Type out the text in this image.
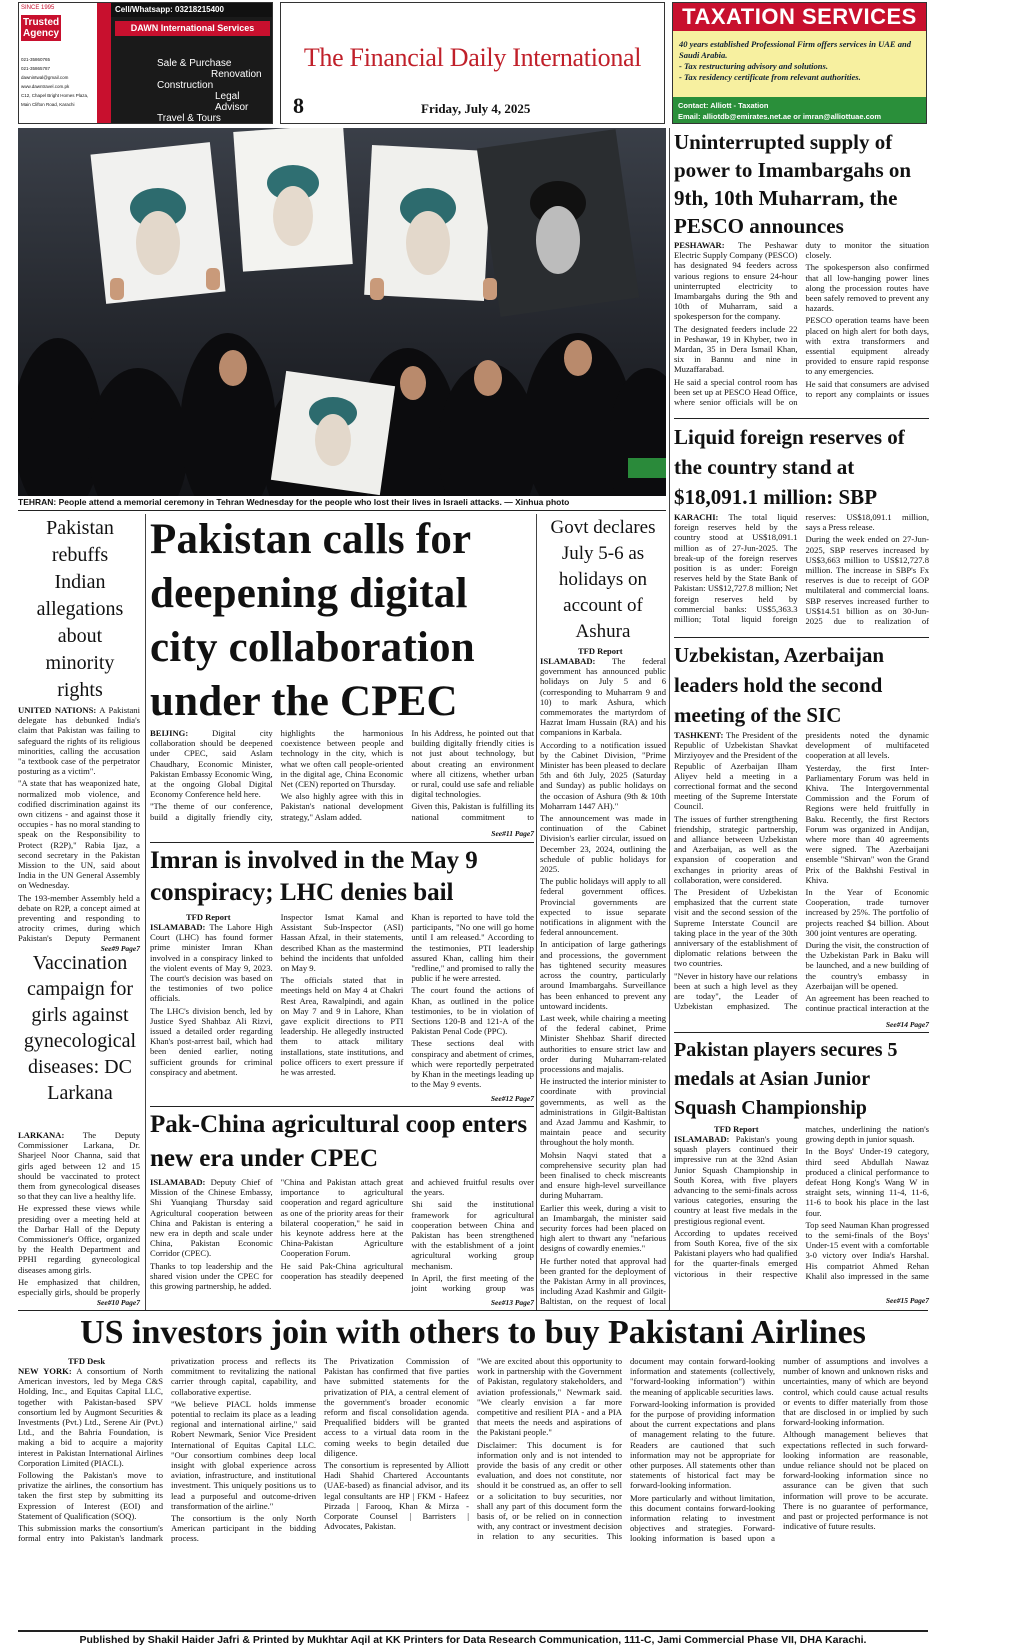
SINCE 1995
Trusted Agency
021-35860765
021-35865787
dawnintwal@gmail.com
www.dawntravel.com.pk
C12, Chapel Bright Homes Plaza, Main Clifton Road, Karachi
Cell/Whatsapp: 03218215400
DAWN International Services
Sale & Purchase
Renovation
Construction
Legal Advisor
Travel & Tours
The Financial Daily International
8	Friday, July 4, 2025
TAXATION SERVICES
40 years established Professional Firm offers services in UAE and Saudi Arabia.
- Tax restructuring advisory and solutions.
- Tax residency certificate from relevant authorities.
Contact: Alliott - Taxation
Email: alliotdb@emirates.net.ae or imran@alliottuae.com
TEHRAN: People attend a memorial ceremony in Tehran Wednesday for the people who lost their lives in Israeli attacks. — Xinhua photo
Uninterrupted supply of power to Imambargahs on 9th, 10th Muharram, the PESCO announces

PESHAWAR: The Peshawar Electric Supply Company (PESCO) has designated 94 feeders across various regions to ensure 24-hour uninterrupted electricity to Imambargahs during the 9th and 10th of Muharram, said a spokesperson for the company.

The designated feeders include 22 in Peshawar, 19 in Khyber, two in Mardan, 35 in Dera Ismail Khan, six in Bannu and nine in Muzaffarabad.

He said a special control room has been set up at PESCO Head Office, where senior officials will be on duty to monitor the situation closely.

The spokesperson also confirmed that all low-hanging power lines along the procession routes have been safely removed to prevent any hazards.

PESCO operation teams have been placed on high alert for both days, with extra transformers and essential equipment already provided to ensure rapid response to any emergencies.

He said that consumers are advised to report any complaints or issues

Liquid foreign reserves of the country stand at $18,091.1 million: SBP

KARACHI: The total liquid foreign reserves held by the country stood at US$18,091.1 million as of 27-Jun-2025. The break-up of the foreign reserves position is as under: Foreign reserves held by the State Bank of Pakistan: US$12,727.8 million; Net foreign reserves held by commercial banks: US$5,363.3 million; Total liquid foreign reserves: US$18,091.1 million, says a Press release.

During the week ended on 27-Jun-2025, SBP reserves increased by US$3,663 million to US$12,727.8 million. The increase in SBP's Fx reserves is due to receipt of GOP multilateral and commercial loans. SBP reserves increased further to US$14.51 billion as on 30-Jun-2025 due to realization of

Uzbekistan, Azerbaijan leaders hold the second meeting of the SIC

TASHKENT: The President of the Republic of Uzbekistan Shavkat Mirziyoyev and the President of the Republic of Azerbaijan Ilham Aliyev held a meeting in a correctional format and the second meeting of the Supreme Interstate Council.

The issues of further strengthening friendship, strategic partnership, and alliance between Uzbekistan and Azerbaijan, as well as the expansion of cooperation and exchanges in priority areas of collaboration, were considered.

The President of Uzbekistan emphasized that the current state visit and the second session of the Supreme Interstate Council are taking place in the year of the 30th anniversary of the establishment of diplomatic relations between the two countries.

"Never in history have our relations been at such a high level as they are today", the Leader of Uzbekistan emphasized. The presidents noted the dynamic development of multifaceted cooperation at all levels.

Yesterday, the first Inter-Parliamentary Forum was held in Khiva. The Intergovernmental Commission and the Forum of Regions were held fruitfully in Baku. Recently, the first Rectors Forum was organized in Andijan, where more than 40 agreements were signed. The Azerbaijani ensemble "Shirvan" won the Grand Prix of the Bakhshi Festival in Khiva.

In the Year of Economic Cooperation, trade turnover increased by 25%. The portfolio of projects reached $4 billion. About 300 joint ventures are operating.

During the visit, the construction of the Uzbekistan Park in Baku will be launched, and a new building of the country's embassy in Azerbaijan will be opened.

An agreement has been reached to continue practical interaction at the

See#14 Page7
Pakistan players secures 5 medals at Asian Junior Squash Championship
TFD Report

ISLAMABAD: Pakistan's young squash players continued their impressive run at the 32nd Asian Junior Squash Championship in South Korea, with five players advancing to the semi-finals across various categories, ensuring the country at least five medals in the prestigious regional event.

According to updates received from South Korea, five of the six Pakistani players who had qualified for the quarter-finals emerged victorious in their respective matches, underlining the nation's growing depth in junior squash.

In the Boys' Under-19 category, third seed Abdullah Nawaz produced a clinical performance to defeat Hong Kong's Wang W in straight sets, winning 11-4, 11-6, 11-6 to book his place in the last four.

Top seed Nauman Khan progressed to the semi-finals of the Boys' Under-15 event with a comfortable 3-0 victory over India's Harshal. His compatriot Ahmed Rehan Khalil also impressed in the same

See#15 Page7
Pakistan rebuffs Indian allegations about minority rights

UNITED NATIONS: A Pakistani delegate has debunked India's claim that Pakistan was failing to safeguard the rights of its religious minorities, calling the accusation "a textbook case of the perpetrator posturing as a victim".

"A state that has weaponized hate, normalized mob violence, and codified discrimination against its own citizens - and against those it occupies - has no moral standing to speak on the Responsibility to Protect (R2P)," Rabia Ijaz, a second secretary in the Pakistan Mission to the UN, said about India in the UN General Assembly on Wednesday.

The 193-member Assembly held a debate on R2P, a concept aimed at preventing and responding to atrocity crimes, during which Pakistan's Deputy Permanent

See#9 Page7
Vaccination campaign for girls against gynecological diseases: DC Larkana

LARKANA: The Deputy Commissioner Larkana, Dr. Sharjeel Noor Channa, said that girls aged between 12 and 15 should be vaccinated to protect them from gynecological diseases so that they can live a healthy life.

He expressed these views while presiding over a meeting held at the Darbar Hall of the Deputy Commissioner's Office, organized by the Health Department and PPHI regarding gynecological diseases among girls.

He emphasized that children, especially girls, should be properly

See#10 Page7
Pakistan calls for deepening digital city collaboration under the CPEC

BEIJING:	Digital city collaboration should be deepened under CPEC, said Aslam Chaudhary, Economic Minister, Pakistan Embassy Economic Wing, at the ongoing Global Digital Economy Conference held here.

"The theme of our conference, build a digitally friendly city, highlights the harmonious coexistence between people and technology in the city, which is what we often call people-oriented in the digital age, China Economic Net (CEN) reported on Thursday.

We also highly agree with this in Pakistan's national development strategy," Aslam added.

In his Address, he pointed out that building digitally friendly cities is not just about technology, but about creating an environment where all citizens, whether urban or rural, could use safe and reliable digital technologies.

Given this, Pakistan is fulfilling its national commitment to

See#11 Page7
Imran is involved in the May 9 conspiracy; LHC denies bail
TFD Report

ISLAMABAD: The Lahore High Court (LHC) has found former prime minister Imran Khan involved in a conspiracy linked to the violent events of May 9, 2023. The court's decision was based on the testimonies of two police officials.

The LHC's division bench, led by Justice Syed Shahbaz Ali Rizvi, issued a detailed order regarding Khan's post-arrest bail, which had been denied earlier, noting sufficient grounds for criminal conspiracy and abetment.

Inspector Ismat Kamal and Assistant Sub-Inspector (ASI) Hassan Afzal, in their statements, described Khan as the mastermind behind the incidents that unfolded on May 9.

The officials stated that in meetings held on May 4 at Chakri Rest Area, Rawalpindi, and again on May 7 and 9 in Lahore, Khan gave explicit directions to PTI leadership. He allegedly instructed them to attack military installations, state institutions, and police officers to exert pressure if he was arrested.

Khan is reported to have told the participants, "No one will go home until I am released." According to the testimonies, PTI leadership assured Khan, calling him their "redline," and promised to rally the public if he were arrested.

The court found the actions of Khan, as outlined in the police testimonies, to be in violation of Sections 120-B and 121-A of the Pakistan Penal Code (PPC).

These sections deal with conspiracy and abetment of crimes, which were reportedly perpetrated by Khan in the meetings leading up to the May 9 events.

See#12 Page7
Pak-China agricultural coop enters new era under CPEC

ISLAMABAD: Deputy Chief of Mission of the Chinese Embassy, Shi Yuanqiang Thursday said Agricultural cooperation between China and Pakistan is entering a new era in depth and scale under China, Pakistan Economic Corridor (CPEC).

Thanks to top leadership and the shared vision under the CPEC for this growing partnership, he added.

"China and Pakistan attach great importance to agricultural cooperation and regard agriculture as one of the priority areas for their bilateral cooperation," he said in his keynote address here at the China-Pakistan Agriculture Cooperation Forum.

He said Pak-China agricultural cooperation has steadily deepened and achieved fruitful results over the years.

Shi said the institutional framework for agricultural cooperation between China and Pakistan has been strengthened with the establishment of a joint agricultural working group mechanism.

In April, the first meeting of the joint working group was

See#13 Page7
Govt declares July 5-6 as holidays on account of Ashura
TFD Report

ISLAMABAD: The federal government has announced public holidays on July 5 and 6 (corresponding to Muharram 9 and 10) to mark Ashura, which commemorates the martyrdom of Hazrat Imam Hussain (RA) and his companions in Karbala.

According to a notification issued by the Cabinet Division, "Prime Minister has been pleased to declare 5th and 6th July, 2025 (Saturday and Sunday) as public holidays on the occasion of Ashura (9th & 10th Moharram 1447 AH)."

The announcement was made in continuation of the Cabinet Division's earlier circular, issued on December 23, 2024, outlining the schedule of public holidays for 2025.

The public holidays will apply to all federal government offices. Provincial governments are expected to issue separate notifications in alignment with the federal announcement.

In anticipation of large gatherings and processions, the government has tightened security measures across the country, particularly around Imambargahs. Surveillance has been enhanced to prevent any untoward incidents.

Last week, while chairing a meeting of the federal cabinet, Prime Minister Shehbaz Sharif directed authorities to ensure strict law and order during Muharram-related processions and majalis.

He instructed the interior minister to coordinate with provincial governments, as well as the administrations in Gilgit-Baltistan and Azad Jammu and Kashmir, to maintain peace and security throughout the holy month.

Mohsin Naqvi stated that a comprehensive security plan had been finalised to check miscreants and ensure high-level surveillance during Muharram.

Earlier this week, during a visit to an Imambargah, the minister said security forces had been placed on high alert to thwart any "nefarious designs of cowardly enemies."

He further noted that approval had been granted for the deployment of the Pakistan Army in all provinces, including Azad Kashmir and Gilgit-Baltistan, on the request of local

US investors join with others to buy Pakistani Airlines
TFD Desk

NEW YORK: A consortium of North American investors, led by Mega C&S Holding, Inc., and Equitas Capital LLC, together with Pakistan-based SPV consortium led by Augmont Securities & Investments (Pvt.) Ltd., Serene Air (Pvt.) Ltd., and the Bahria Foundation, is making a bid to acquire a majority interest in Pakistan International Airlines Corporation Limited (PIACL).

Following the Pakistan's move to privatize the airlines, the consortium has taken the first step by submitting its Expression of Interest (EOI) and Statement of Qualification (SOQ).

This submission marks the consortium's formal entry into Pakistan's landmark privatization process and reflects its commitment to revitalizing the national carrier through capital, capability, and collaborative expertise.

"We believe PIACL holds immense potential to reclaim its place as a leading regional and international airline," said Robert Newmark, Senior Vice President International of Equitas Capital LLC. "Our consortium combines deep local insight with global experience across aviation, infrastructure, and institutional investment. This uniquely positions us to lead a purposeful and outcome-driven transformation of the airline."

The consortium is the only North American participant in the bidding process.

The Privatization Commission of Pakistan has confirmed that five parties have submitted statements for the privatization of PIA, a central element of the government's broader economic reform and fiscal consolidation agenda. Prequalified bidders will be granted access to a virtual data room in the coming weeks to begin detailed due diligence.

The consortium is represented by Alliott Hadi Shahid Chartered Accountants (UAE-based) as financial advisor, and its legal consultants are HP | FKM - Hafeez Pirzada | Farooq, Khan & Mirza - Corporate Counsel | Barristers | Advocates, Pakistan.

"We are excited about this opportunity to work in partnership with the Government of Pakistan, regulatory stakeholders, and aviation professionals," Newmark said. "We clearly envision a far more competitive and resilient PIA - and a PIA that meets the needs and aspirations of the Pakistani people."

Disclaimer: This document is for information only and is not intended to provide the basis of any credit or other evaluation, and does not constitute, nor should it be construed as, an offer to sell or a solicitation to buy securities, nor shall any part of this document form the basis of, or be relied on in connection with, any contract or investment decision in relation to any securities. This document may contain forward-looking information and statements (collectively, "forward-looking information") within the meaning of applicable securities laws.

Forward-looking information is provided for the purpose of providing information about the current expectations and plans of management relating to the future. Readers are cautioned that such information may not be appropriate for other purposes. All statements other than statements of historical fact may be forward-looking information.

More particularly and without limitation, this document contains forward-looking information relating to investment objectives and strategies. Forward-looking information is based upon a number of assumptions and involves a number of known and unknown risks and uncertainties, many of which are beyond control, which could cause actual results or events to differ materially from those that are disclosed in or implied by such forward-looking information.

Although management believes that expectations reflected in such forward-looking information are reasonable, undue reliance should not be placed on forward-looking information since no assurance can be given that such information will prove to be accurate. There is no guarantee of performance, and past or projected performance is not indicative of future results.

Published by Shakil Haider Jafri & Printed by Mukhtar Aqil at KK Printers for Data Research Communication, 111-C, Jami Commercial Phase VII, DHA Karachi.
